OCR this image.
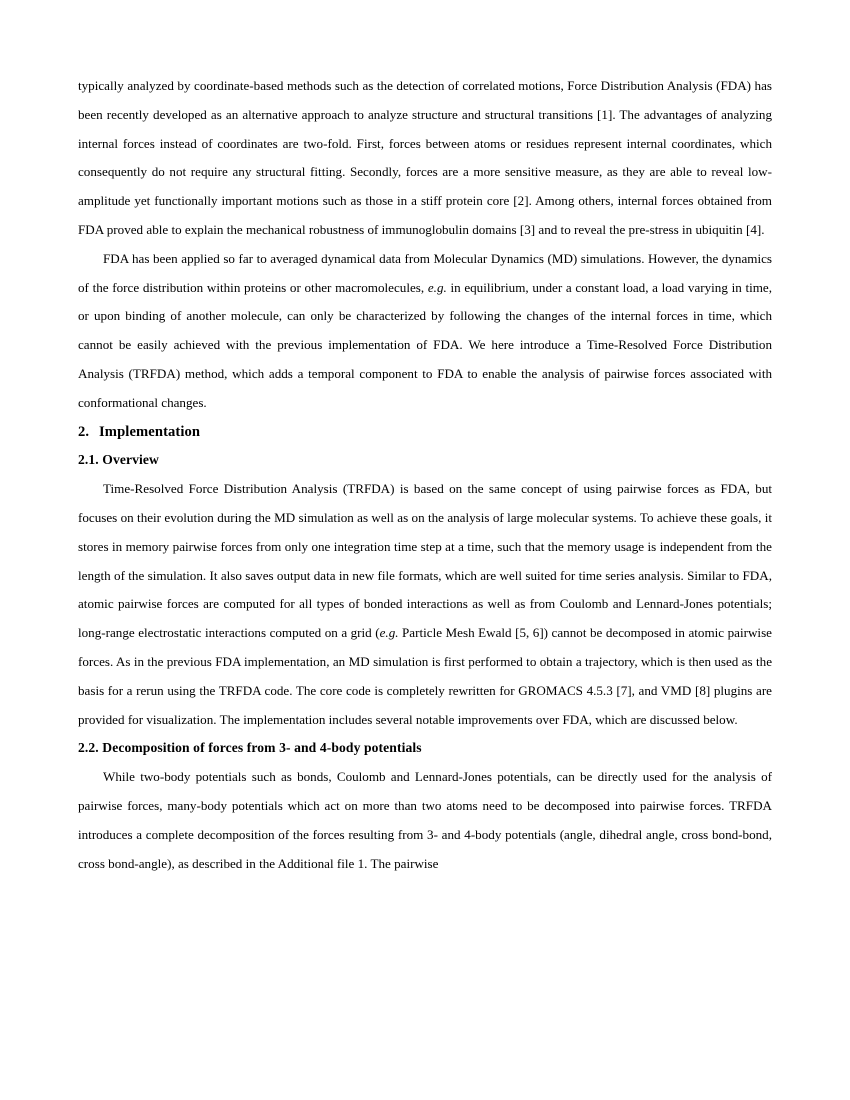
typically analyzed by coordinate-based methods such as the detection of correlated motions, Force Distribution Analysis (FDA) has been recently developed as an alternative approach to analyze structure and structural transitions [1]. The advantages of analyzing internal forces instead of coordinates are two-fold. First, forces between atoms or residues represent internal coordinates, which consequently do not require any structural fitting. Secondly, forces are a more sensitive measure, as they are able to reveal low-amplitude yet functionally important motions such as those in a stiff protein core [2]. Among others, internal forces obtained from FDA proved able to explain the mechanical robustness of immunoglobulin domains [3] and to reveal the pre-stress in ubiquitin [4].

FDA has been applied so far to averaged dynamical data from Molecular Dynamics (MD) simulations. However, the dynamics of the force distribution within proteins or other macromolecules, e.g. in equilibrium, under a constant load, a load varying in time, or upon binding of another molecule, can only be characterized by following the changes of the internal forces in time, which cannot be easily achieved with the previous implementation of FDA. We here introduce a Time-Resolved Force Distribution Analysis (TRFDA) method, which adds a temporal component to FDA to enable the analysis of pairwise forces associated with conformational changes.

2. Implementation
2.1. Overview

Time-Resolved Force Distribution Analysis (TRFDA) is based on the same concept of using pairwise forces as FDA, but focuses on their evolution during the MD simulation as well as on the analysis of large molecular systems. To achieve these goals, it stores in memory pairwise forces from only one integration time step at a time, such that the memory usage is independent from the length of the simulation. It also saves output data in new file formats, which are well suited for time series analysis. Similar to FDA, atomic pairwise forces are computed for all types of bonded interactions as well as from Coulomb and Lennard-Jones potentials; long-range electrostatic interactions computed on a grid (e.g. Particle Mesh Ewald [5, 6]) cannot be decomposed in atomic pairwise forces. As in the previous FDA implementation, an MD simulation is first performed to obtain a trajectory, which is then used as the basis for a rerun using the TRFDA code. The core code is completely rewritten for GROMACS 4.5.3 [7], and VMD [8] plugins are provided for visualization. The implementation includes several notable improvements over FDA, which are discussed below.

2.2. Decomposition of forces from 3- and 4-body potentials

While two-body potentials such as bonds, Coulomb and Lennard-Jones potentials, can be directly used for the analysis of pairwise forces, many-body potentials which act on more than two atoms need to be decomposed into pairwise forces. TRFDA introduces a complete decomposition of the forces resulting from 3- and 4-body potentials (angle, dihedral angle, cross bond-bond, cross bond-angle), as described in the Additional file 1. The pairwise
